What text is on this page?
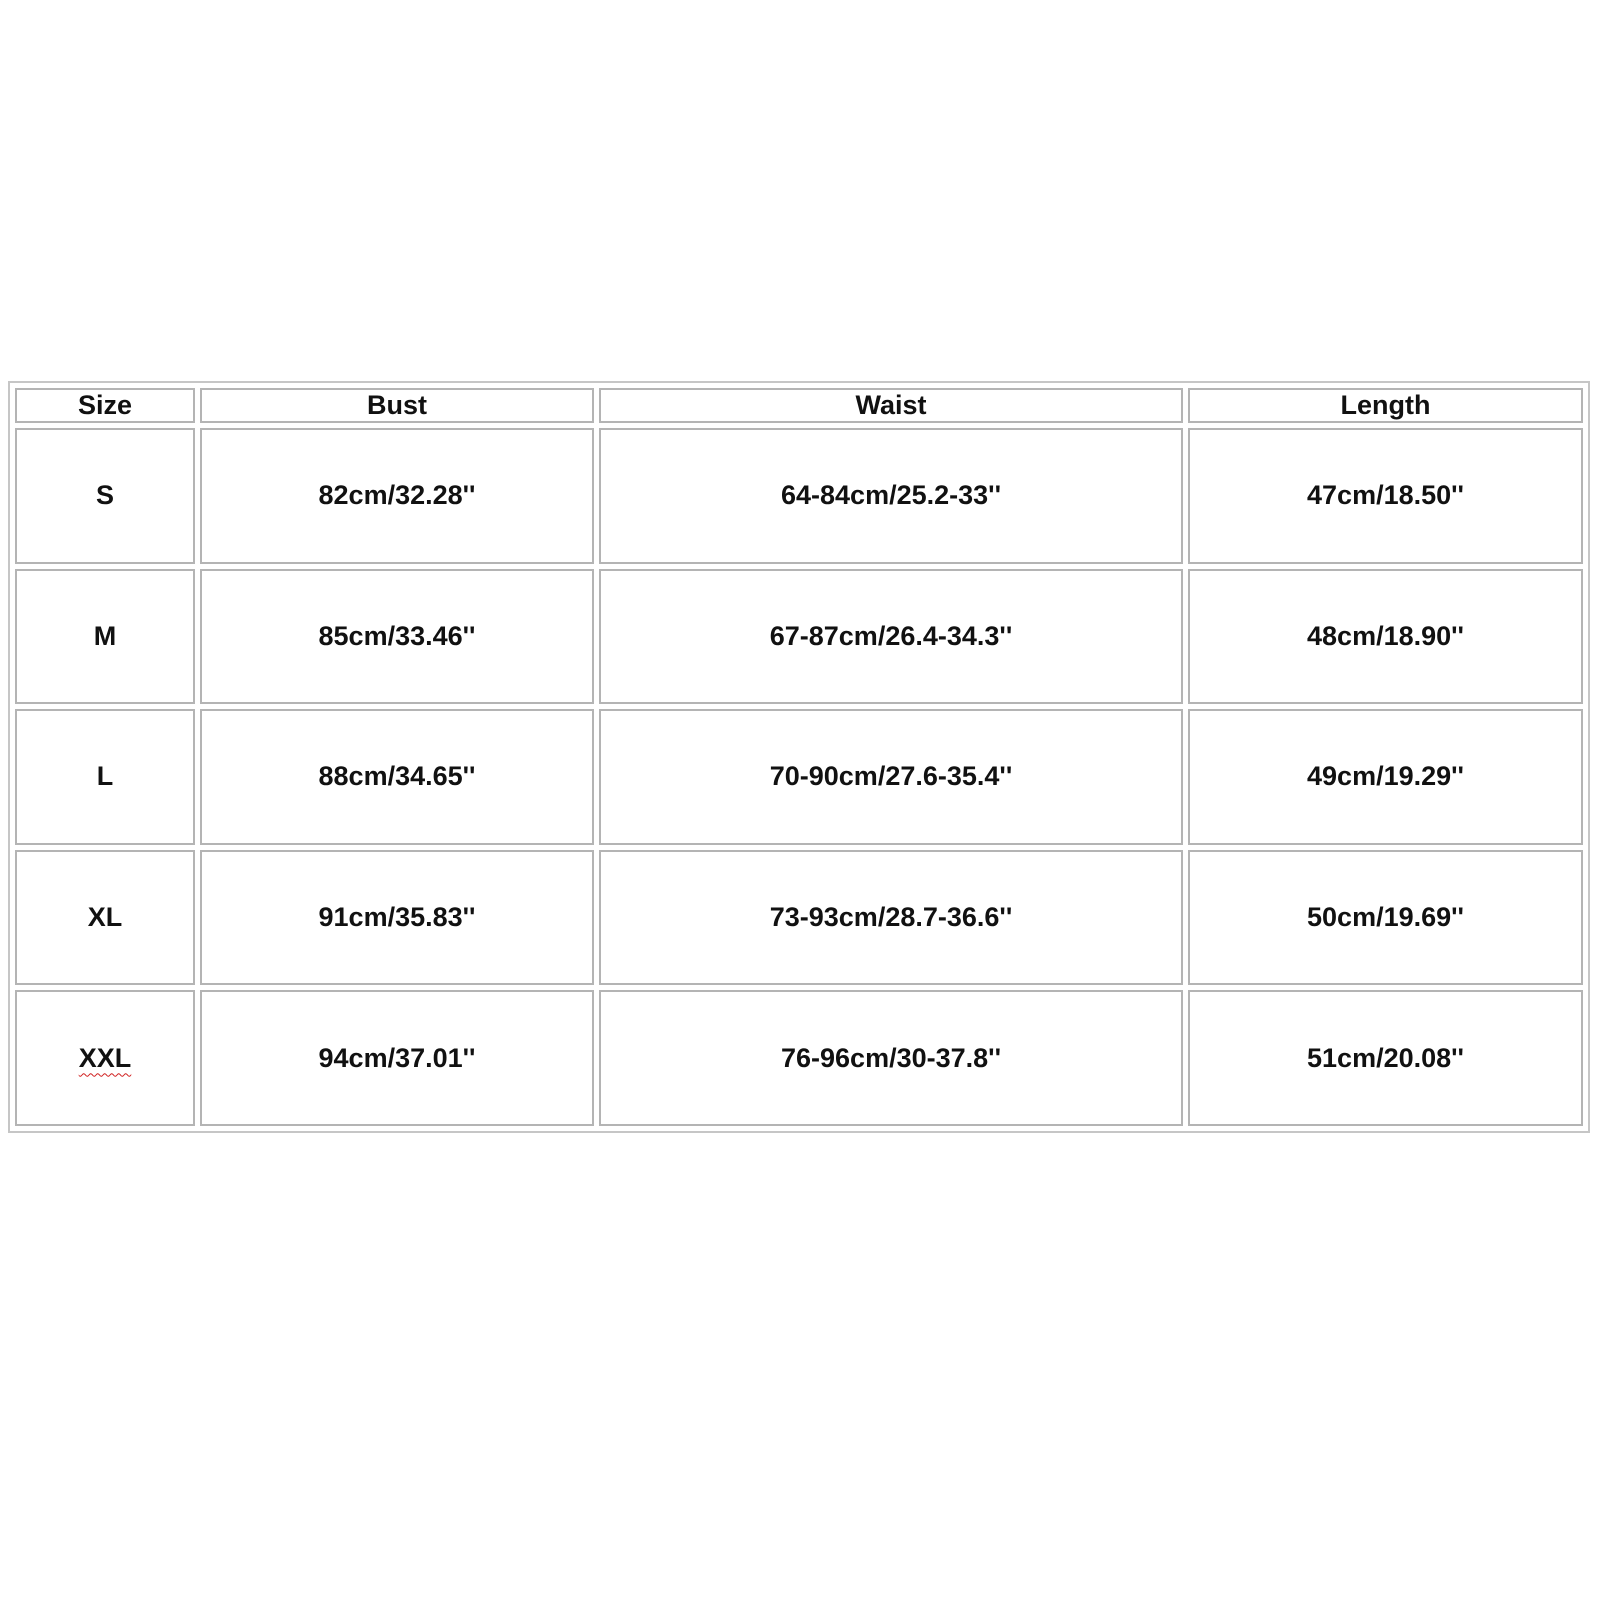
Size	Bust	Waist	Length
S	82cm/32.28''	64-84cm/25.2-33''	47cm/18.50''
M	85cm/33.46''	67-87cm/26.4-34.3''	48cm/18.90''
L	88cm/34.65''	70-90cm/27.6-35.4''	49cm/19.29''
XL	91cm/35.83''	73-93cm/28.7-36.6''	50cm/19.69''
XXL	94cm/37.01''	76-96cm/30-37.8''	51cm/20.08''
